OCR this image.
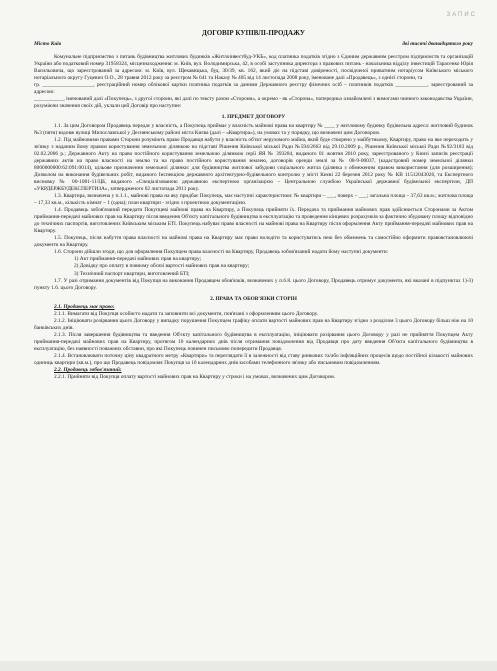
ЗАПИС
ДОГОВІР КУПІВЛІ-ПРОДАЖУ
Місто Київ	дві тисячі дванадцятого року

Комунальне підприємство з питань будівництва житлових будинків «Житлоінвестбуд-УКБ», код платника податків згідно з Єдиним державним реєстром підприємств та організацій України або податковий номер 31958324, місцезнаходження: м. Київ, вул. Володимирська, 42, в особі заступника директора з правових питань - начальника відділу інвестицій Тарасенко Юрія Васильовича, що зареєстрований за адресою: м. Київ, вул. Щекавицька, буд. 30/39, кв. 162, який діє на підставі довіреності, посвідченої приватним нотаріусом Київського міського нотаріального округу Гуцевич О.О., 28 травня 2012 року за реєстром № 641 та Наказу № 405 від 14 листопада 2008 року, іменоване далі «Продавець», з однієї сторони, та

гр. ___________________, реєстраційний номер облікової картки платника податків за даними Державного реєстру фізичних осіб – платників податків ____________, зареєстрований за адресою:

___________, іменований далі «Покупець», з другої сторони, які далі по тексту разом «Сторони», а окремо - як «Сторона», попередньо ознайомлені з вимогами чинного законодавства України, розуміючи значення своїх дій, уклали цей Договір про наступне:

1. ПРЕДМЕТ ДОГОВОРУ

1.1. За цим Договором Продавець передає у власність, а Покупець приймає у власність майнові права на квартиру № ____ у житловому будинку будівельна адреса: житловий будинок №3 (пяти) вздовж вулиці Милославської у Деснянському районі міста Києва (далі – «Квартира»), на умовах та у порядку, що визначені цим Договором.

1.2. Під майновими правами Сторони розуміють право Продавця набути у власність об'єкт нерухомого майна, який буде створено у майбутньому, Квартиру, право на яке переходить у зв'язку з наданим йому правом користування земельною ділянкою на підставі Рішення Київської міської Ради №594/2663 від 29.10.2009 р., Рішення Київської міської Ради №92/3183 від 02.02.2006 р.; Державного Акту на право постійного користування земельною ділянкою серії ЯЯ № 393284, виданого 01 жовтня 2010 року, зареєстрованого у Книзі записів реєстрації державних актів на право власності на землю та на право постійного користування землею, договорів оренди землі за № 08-9-00037, (кадастровий номер земельної ділянки 8000000000:62:091:0014), цільове призначення земельної ділянки: для будівництва житлової забудови соціального житла (ділянка з обмеженим правом використання (для розширення); Дозволом на виконання будівельних робіт, виданого Інспекцією державного архітектурно-будівельного контролю у місті Києві 22 березня 2012 року № КВ 11512043026, та Експертного висновку № 00-1081-11/ЦБ, виданого «Спеціалізованою державною експертною організацією – Центральною службою Української державної будівельної експертизи, ДП «УКРДЕРЖБУДЕКСПЕРТИЗА», затвердженого 02 листопада 2011 року.

1.3. Квартира, визначена у п.1.1., майнові права на яку придбає Покупець, має наступні характеристики: № квартири – ___, поверх – ___; загальна площа – 37,63 кв.м.; житлова площа – 17,33 кв.м., кількість кімнат – 1 (одна); план квартири - згідно з проектною документацією.

1.4. Продавець зобов'язаний передати Покупцеві майнові права на Квартиру, а Покупець прийняти їх. Передача та приймання майнових прав здійснюється Сторонами за Актом приймання-передачі майнових прав на Квартиру після введення Об'єкту капітального будівництва в експлуатацію та проведення кінцевих розрахунків за фактично збудовану площу відповідно до технічних паспортів, виготовлених Київським міським БТІ. Покупець набуває право власності на майнові права на Квартиру після оформлення Акту приймання-передачі майнових прав на Квартиру.

1.5. Покупець, після набуття права власності на майнові права на Квартиру має право володіти та користуватись нею без обмежень та самостійно оформити правовстановлюючі документи на Квартиру.

1.6. Сторони дійшли згоди, що для оформлення Покупцем права власності на Квартиру, Продавець зобов'язаний надати йому наступні документи:

1) Акт приймання-передачі майнових прав на квартиру;

2) Довідку про оплату в повному обсязі вартості майнових прав на квартиру;

3) Технічний паспорт квартири, виготовлений БТІ;

1.7. У разі отримання документів від Покупця на виконання Продавцем обов'язків, визначених у п.6.8. цього Договору, Продавець отримує документи, які вказані в підпунктах 1)-3) пункту 1.6. цього Договору.

2. ПРАВА ТА ОБОВ'ЯЗКИ СТОРІН

2.1. Продавець має право:

2.1.1. Вимагати від Покупця особисто надати та заповнити всі документи, пов'язані з оформленням цього Договору.

2.1.2. Ініціювати розірвання цього Договору у випадку порушення Покупцем графіку оплати вартості майнових прав на Квартиру згідно з розділом 3 цього Договору більш ніж на 10 банківських днів.

2.1.3. Після завершення будівництва та введення Об'єкту капітального будівництва в експлуатацію, ініціювати розірвання цього Договору у разі не прийняття Покупцем Акту приймання-передачі майнових прав на Квартиру, протягом 10 календарних днів після отримання повідомлення від Продавця про дату введення Об'єкта капітального будівництва в експлуатацію, без наявності поважних обставин, про які Покупець повинен письмово попередити Продавця.

2.1.4. Встановлювати поточну ціну квадратного метру «Квартири» та переглядати її в залежності від ставу ринкових та/або інфляційних процесів щодо постійної кількості майнових одиниць квартири (кв.м.), про що Продавець повідомляє Покупця за 10 календарних днів засобами телефонного зв'язку або письмовим повідомленням.

2.2. Продавець зобов'язаний:

2.2.1. Прийняти від Покупця оплату вартості майнових прав на Квартиру у строки і на умовах, визначених цим Договором.
